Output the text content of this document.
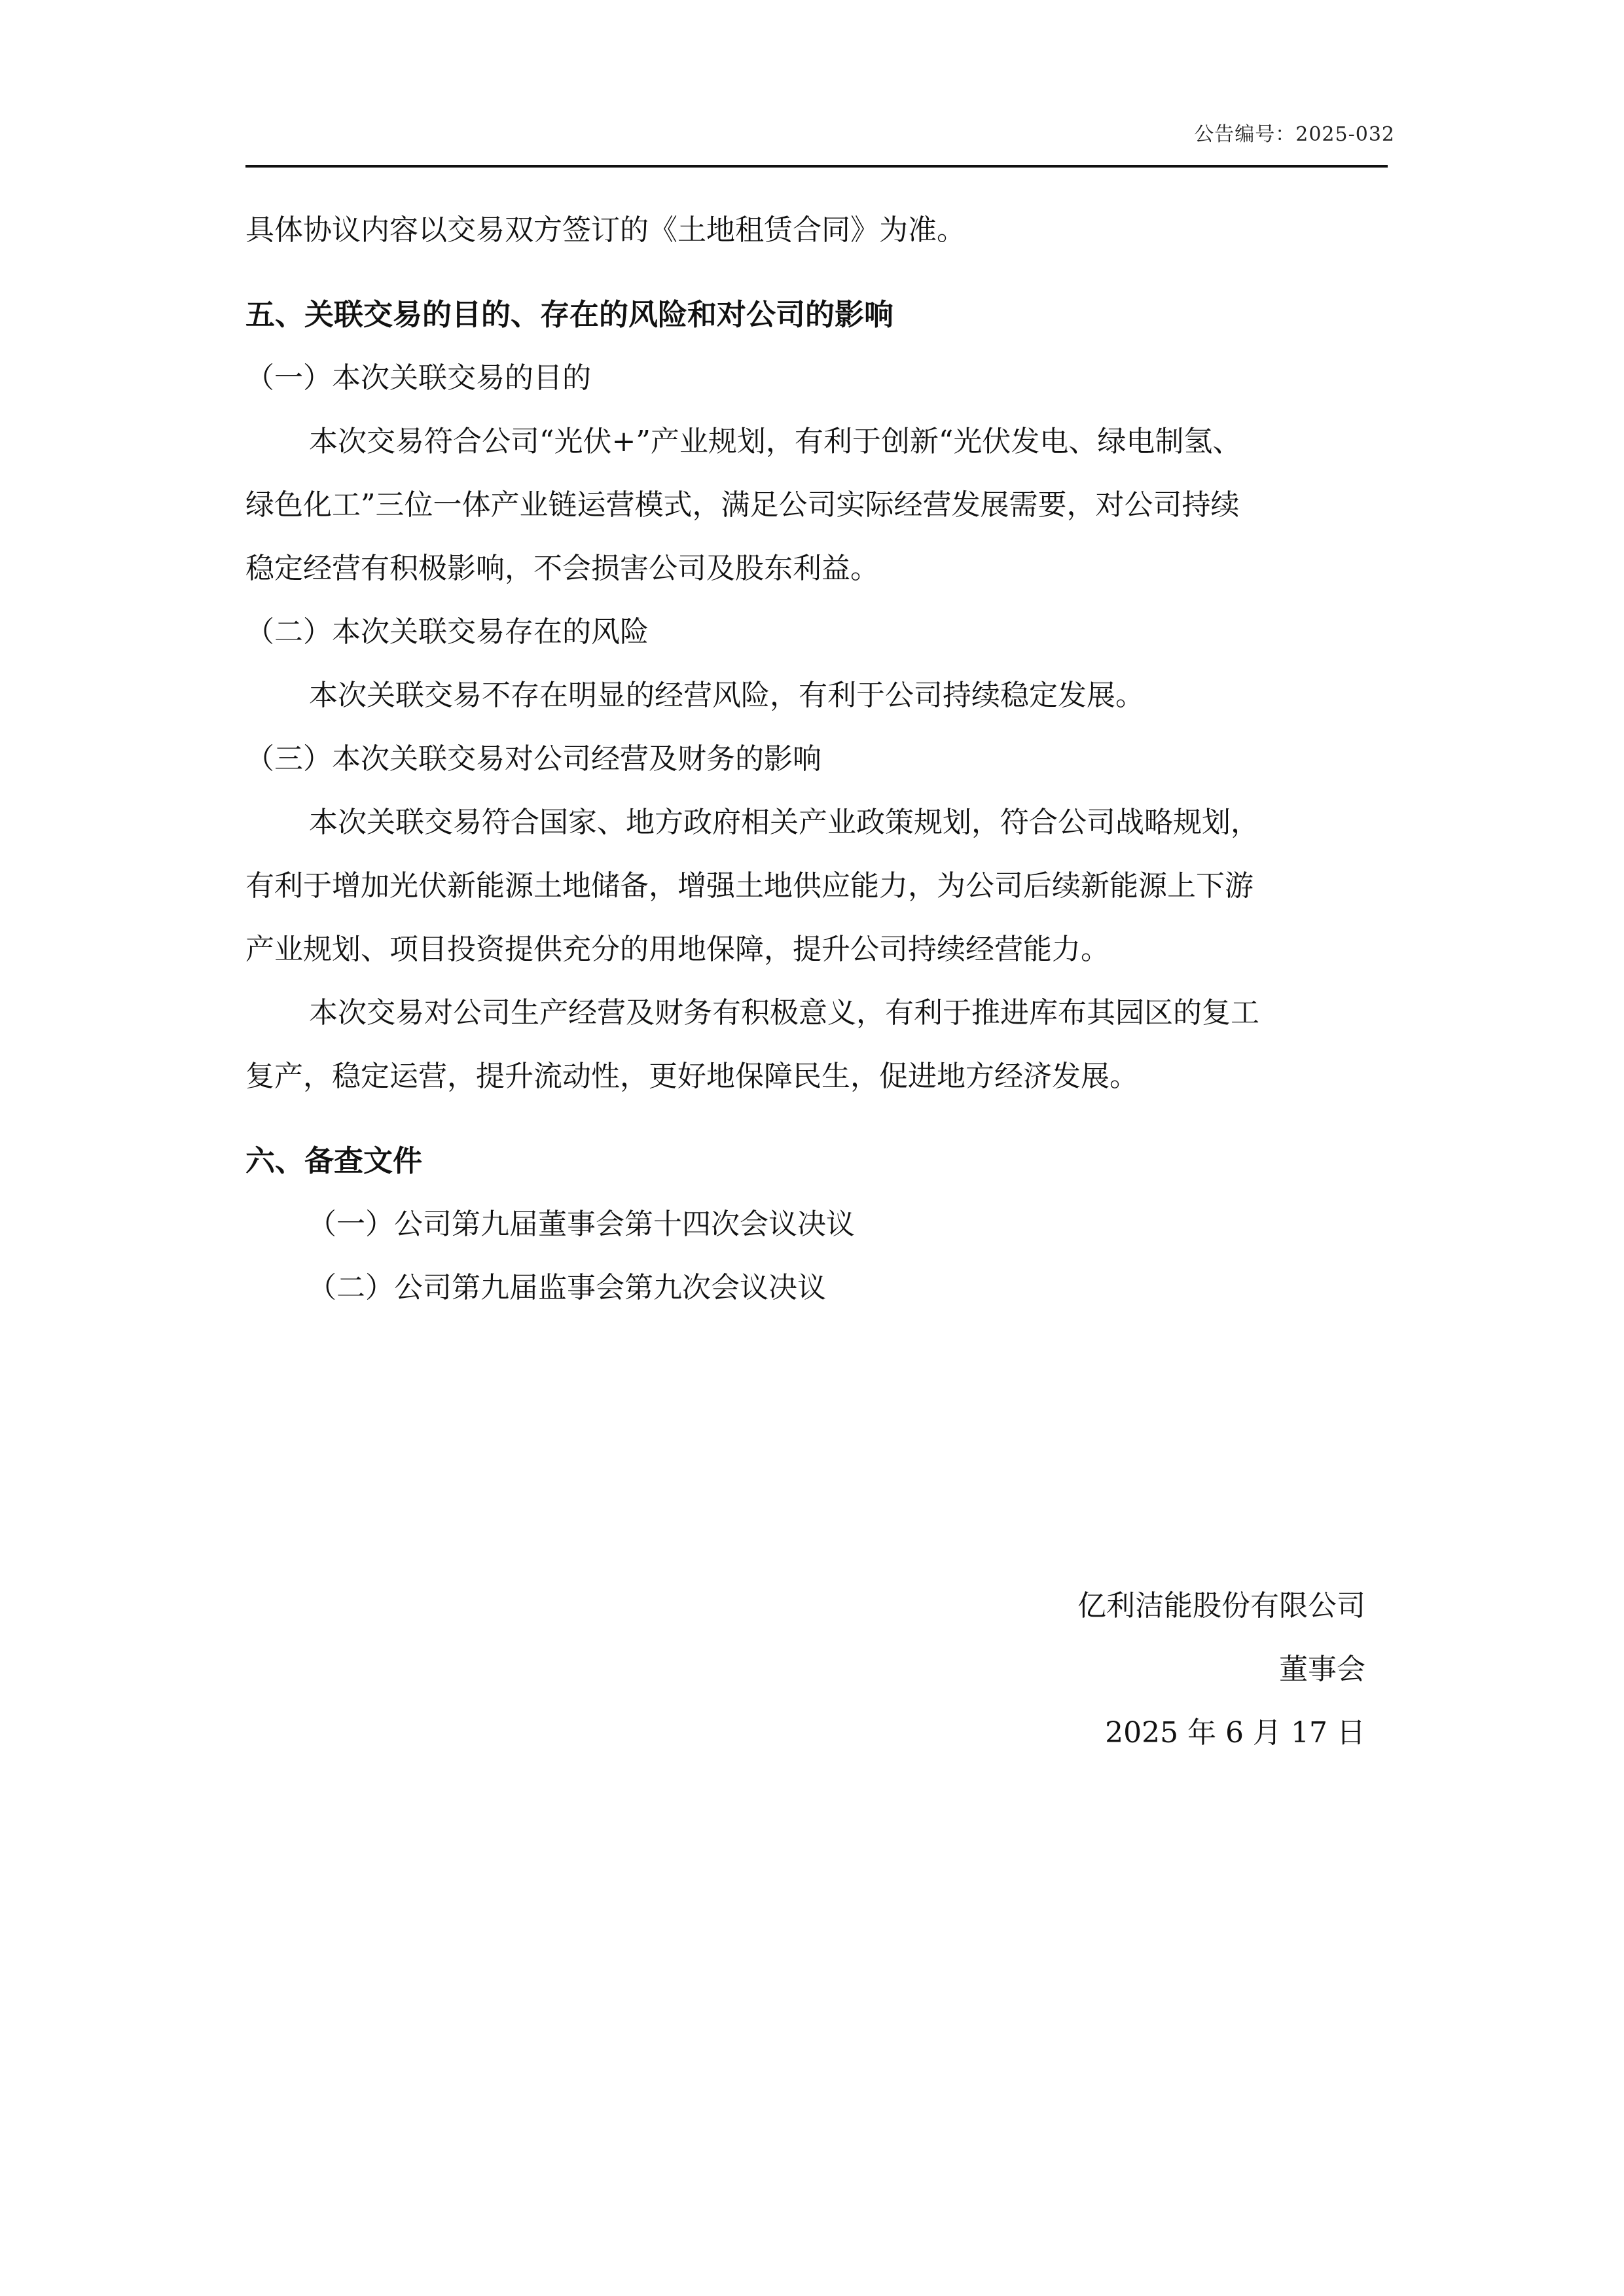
公告编号：2025-032
具体协议内容以交易双方签订的《土地租赁合同》为准。
五、关联交易的目的、存在的风险和对公司的影响
（一）本次关联交易的目的
本次交易符合公司“光伏+”产业规划，有利于创新“光伏发电、绿电制氢、
绿色化工”三位一体产业链运营模式，满足公司实际经营发展需要，对公司持续
稳定经营有积极影响，不会损害公司及股东利益。
（二）本次关联交易存在的风险
本次关联交易不存在明显的经营风险，有利于公司持续稳定发展。
（三）本次关联交易对公司经营及财务的影响
本次关联交易符合国家、地方政府相关产业政策规划，符合公司战略规划，
有利于增加光伏新能源土地储备，增强土地供应能力，为公司后续新能源上下游
产业规划、项目投资提供充分的用地保障，提升公司持续经营能力。
本次交易对公司生产经营及财务有积极意义，有利于推进库布其园区的复工
复产，稳定运营，提升流动性，更好地保障民生，促进地方经济发展。
六、备查文件
（一）公司第九届董事会第十四次会议决议
（二）公司第九届监事会第九次会议决议
亿利洁能股份有限公司
董事会
2025 年 6 月 17 日
